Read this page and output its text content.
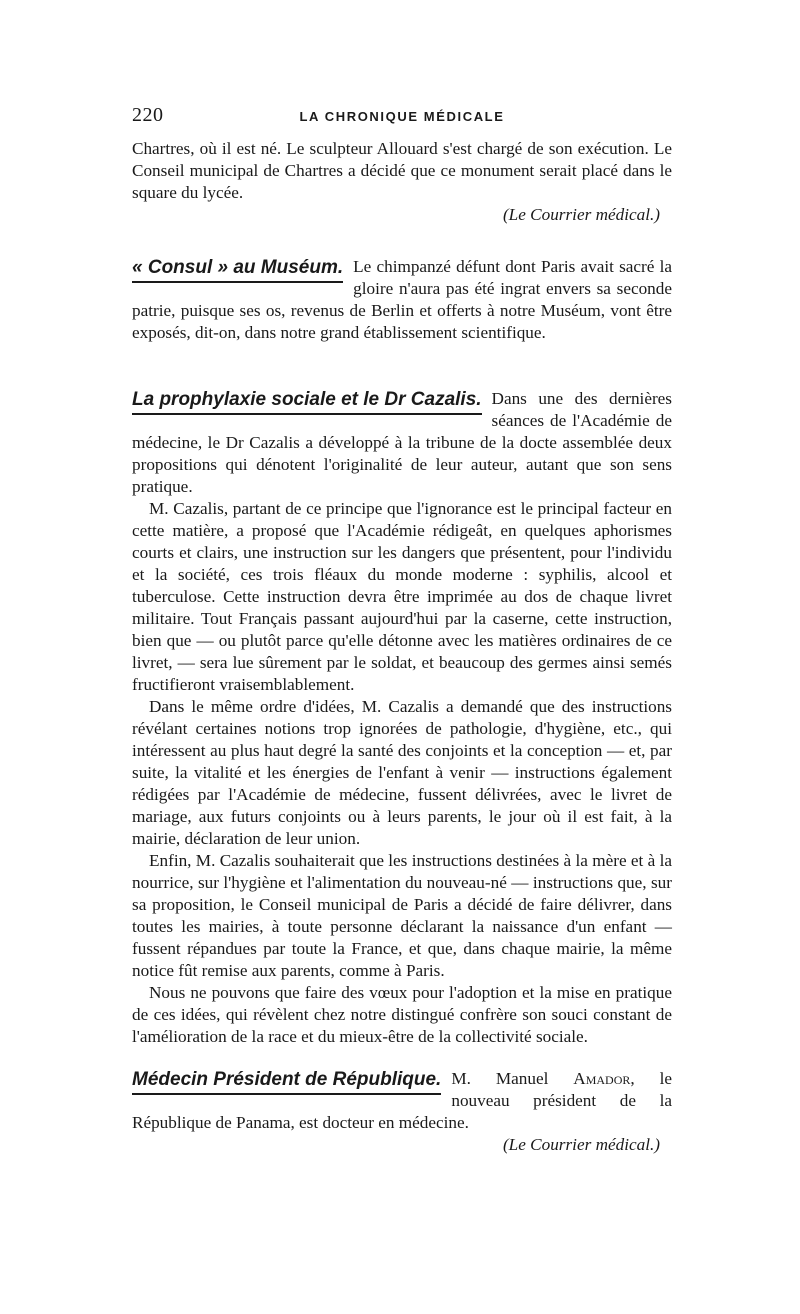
220	LA CHRONIQUE MÉDICALE

Chartres, où il est né. Le sculpteur Allouard s'est chargé de son exécution. Le Conseil municipal de Chartres a décidé que ce monument serait placé dans le square du lycée.

(Le Courrier médical.)

« Consul » au Muséum. Le chimpanzé défunt dont Paris avait sacré la gloire n'aura pas été ingrat envers sa seconde patrie, puisque ses os, revenus de Berlin et offerts à notre Muséum, vont être exposés, dit-on, dans notre grand établissement scientifique.
La prophylaxie sociale et le Dr Cazalis. Dans une des dernières séances de l'Académie de médecine, le Dr Cazalis a développé à la tribune de la docte assemblée deux propositions qui dénotent l'originalité de leur auteur, autant que son sens pratique.

M. Cazalis, partant de ce principe que l'ignorance est le principal facteur en cette matière, a proposé que l'Académie rédigeât, en quelques aphorismes courts et clairs, une instruction sur les dangers que présentent, pour l'individu et la société, ces trois fléaux du monde moderne : syphilis, alcool et tuberculose. Cette instruction devra être imprimée au dos de chaque livret militaire. Tout Français passant aujourd'hui par la caserne, cette instruction, bien que — ou plutôt parce qu'elle détonne avec les matières ordinaires de ce livret, — sera lue sûrement par le soldat, et beaucoup des germes ainsi semés fructifieront vraisemblablement.

Dans le même ordre d'idées, M. Cazalis a demandé que des instructions révélant certaines notions trop ignorées de pathologie, d'hygiène, etc., qui intéressent au plus haut degré la santé des conjoints et la conception — et, par suite, la vitalité et les énergies de l'enfant à venir — instructions également rédigées par l'Académie de médecine, fussent délivrées, avec le livret de mariage, aux futurs conjoints ou à leurs parents, le jour où il est fait, à la mairie, déclaration de leur union.

Enfin, M. Cazalis souhaiterait que les instructions destinées à la mère et à la nourrice, sur l'hygiène et l'alimentation du nouveau-né — instructions que, sur sa proposition, le Conseil municipal de Paris a décidé de faire délivrer, dans toutes les mairies, à toute personne déclarant la naissance d'un enfant — fussent répandues par toute la France, et que, dans chaque mairie, la même notice fût remise aux parents, comme à Paris.

Nous ne pouvons que faire des vœux pour l'adoption et la mise en pratique de ces idées, qui révèlent chez notre distingué confrère son souci constant de l'amélioration de la race et du mieux-être de la collectivité sociale.

Médecin Président de République. M. Manuel Amador, le nouveau président de la République de Panama, est docteur en médecine.

(Le Courrier médical.)
